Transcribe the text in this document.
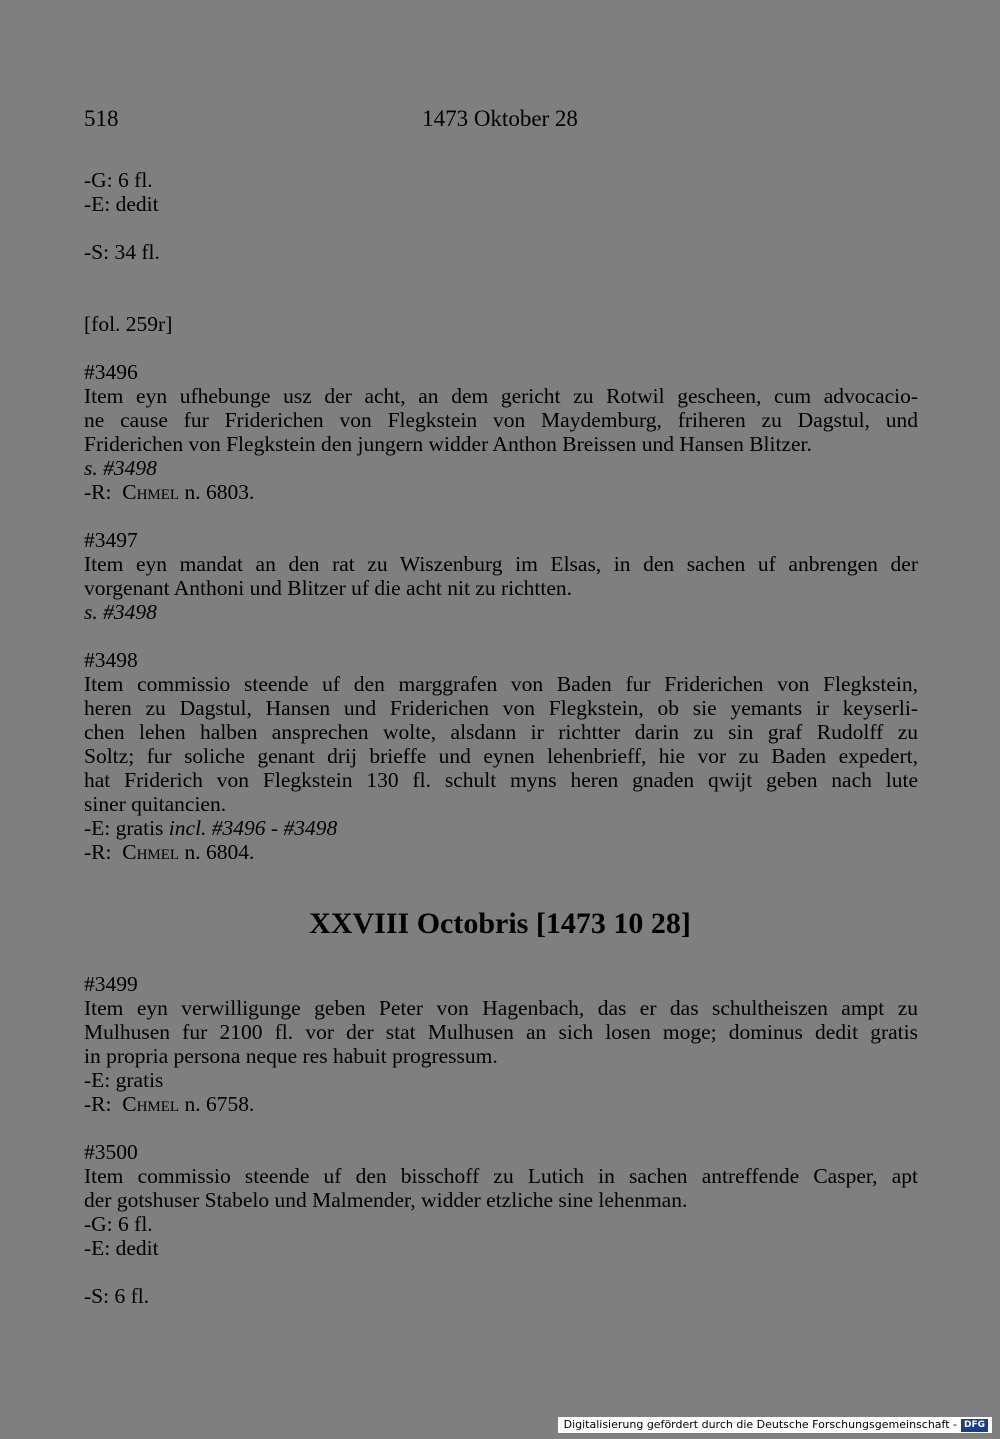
518	1473 Oktober 28
-G: 6 fl.
-E: dedit
-S: 34 fl.
[fol. 259r]
#3496
Item eyn ufhebunge usz der acht, an dem gericht zu Rotwil gescheen, cum advocacio-
ne cause fur Friderichen von Flegkstein von Maydemburg, friheren zu Dagstul, und
Friderichen von Flegkstein den jungern widder Anthon Breissen und Hansen Blitzer.
s. #3498
-R: Chmel n. 6803.
#3497
Item eyn mandat an den rat zu Wiszenburg im Elsas, in den sachen uf anbrengen der
vorgenant Anthoni und Blitzer uf die acht nit zu richtten.
s. #3498
#3498
Item commissio steende uf den marggrafen von Baden fur Friderichen von Flegkstein,
heren zu Dagstul, Hansen und Friderichen von Flegkstein, ob sie yemants ir keyserli-
chen lehen halben ansprechen wolte, alsdann ir richtter darin zu sin graf Rudolff zu
Soltz; fur soliche genant drij brieffe und eynen lehenbrieff, hie vor zu Baden expedert,
hat Friderich von Flegkstein 130 fl. schult myns heren gnaden qwijt geben nach lute
siner quitancien.
-E: gratis incl. #3496 - #3498
-R: Chmel n. 6804.
XXVIII Octobris [1473 10 28]
#3499
Item eyn verwilligunge geben Peter von Hagenbach, das er das schultheiszen ampt zu
Mulhusen fur 2100 fl. vor der stat Mulhusen an sich losen moge; dominus dedit gratis
in propria persona neque res habuit progressum.
-E: gratis
-R: Chmel n. 6758.
#3500
Item commissio steende uf den bisschoff zu Lutich in sachen antreffende Casper, apt
der gotshuser Stabelo und Malmender, widder etzliche sine lehenman.
-G: 6 fl.
-E: dedit
-S: 6 fl.
Digitalisierung gefördert durch die Deutsche Forschungsgemeinschaft - DFG
